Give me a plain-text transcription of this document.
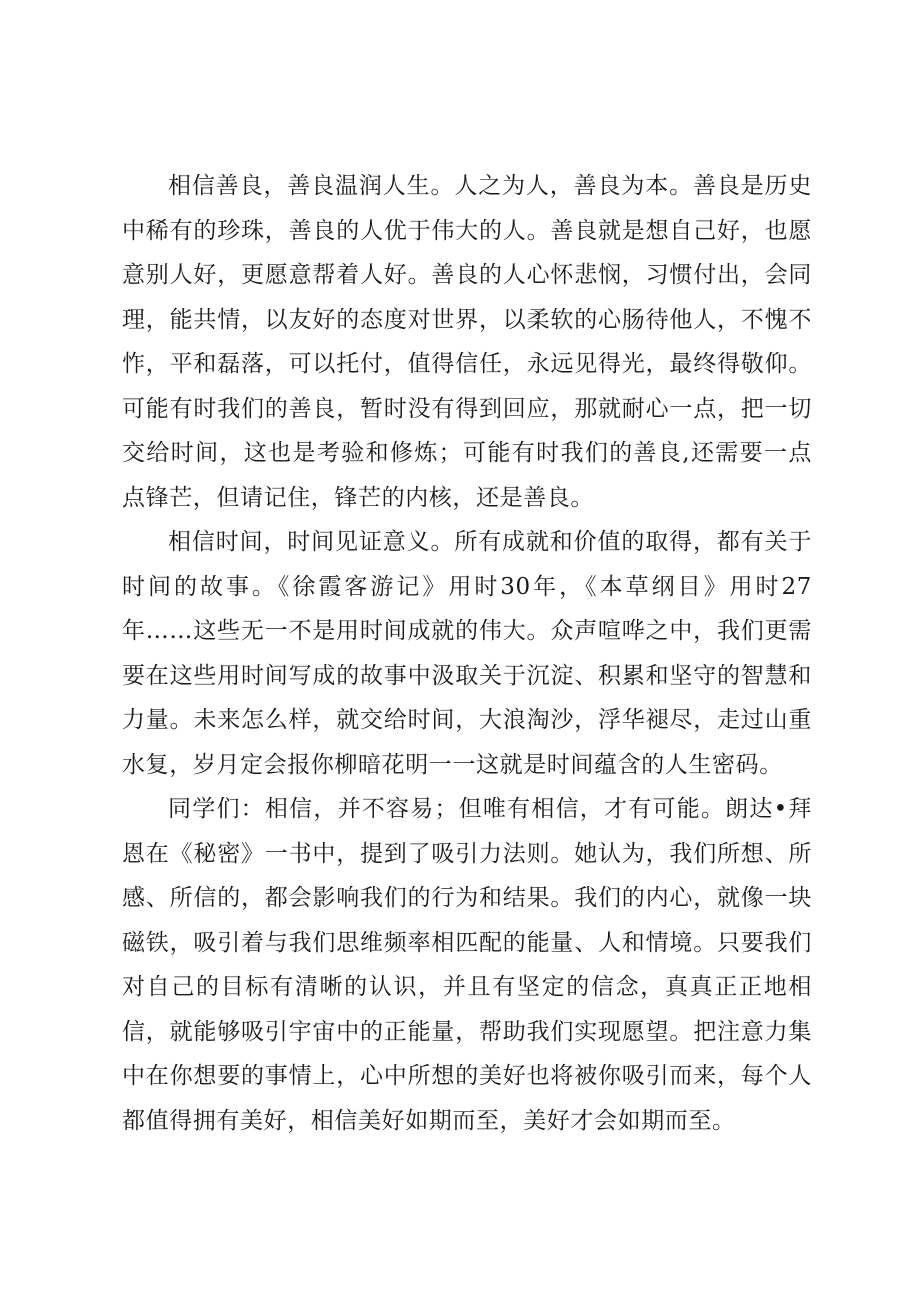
相信善良，善良温润人生。人之为人，善良为本。善良是历史中稀有的珍珠，善良的人优于伟大的人。善良就是想自己好，也愿意别人好，更愿意帮着人好。善良的人心怀悲悯，习惯付出，会同理，能共情，以友好的态度对世界，以柔软的心肠待他人，不愧不怍，平和磊落，可以托付，值得信任，永远见得光，最终得敬仰。可能有时我们的善良，暂时没有得到回应，那就耐心一点，把一切交给时间，这也是考验和修炼；可能有时我们的善良,还需要一点点锋芒，但请记住，锋芒的内核，还是善良。

相信时间，时间见证意义。所有成就和价值的取得，都有关于时间的故事。《徐霞客游记》用时30年，《本草纲目》用时27年……这些无一不是用时间成就的伟大。众声喧哗之中，我们更需要在这些用时间写成的故事中汲取关于沉淀、积累和坚守的智慧和力量。未来怎么样，就交给时间，大浪淘沙，浮华褪尽，走过山重水复，岁月定会报你柳暗花明一一这就是时间蕴含的人生密码。

同学们：相信，并不容易；但唯有相信，才有可能。朗达•拜恩在《秘密》一书中，提到了吸引力法则。她认为，我们所想、所感、所信的，都会影响我们的行为和结果。我们的内心，就像一块磁铁，吸引着与我们思维频率相匹配的能量、人和情境。只要我们对自己的目标有清晰的认识，并且有坚定的信念，真真正正地相信，就能够吸引宇宙中的正能量，帮助我们实现愿望。把注意力集中在你想要的事情上，心中所想的美好也将被你吸引而来，每个人都值得拥有美好，相信美好如期而至，美好才会如期而至。
